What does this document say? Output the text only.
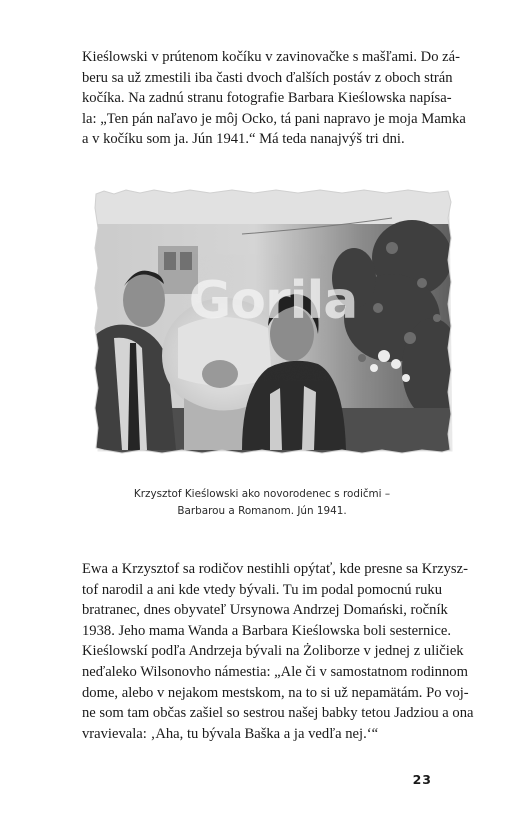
Kieślowski v prútenom kočíku v zavinovačke s mašľami. Do zá-
beru sa už zmestili iba časti dvoch ďalších postáv z oboch strán
kočíka. Na zadnú stranu fotografie Barbara Kieślowska napísa-
la: „Ten pán naľavo je môj Ocko, tá pani napravo je moja Mamka
a v kočíku som ja. Jún 1941.“ Má teda nanajvýš tri dni.

Gorila
Krzysztof Kieślowski ako novorodenec s rodičmi –
Barbarou a Romanom. Jún 1941.

Ewa a Krzysztof sa rodičov nestihli opýtať, kde presne sa Krzysz-
tof narodil a ani kde vtedy bývali. Tu im podal pomocnú ruku
bratranec, dnes obyvateľ Ursynowa Andrzej Domański, ročník
1938. Jeho mama Wanda a Barbara Kieślowska boli sesternice.
Kieślowskí podľa Andrzeja bývali na Żoliborze v jednej z uličiek
neďaleko Wilsonovho námestia: „Ale či v samostatnom rodinnom
dome, alebo v nejakom mestskom, na to si už nepamätám. Po voj-
ne som tam občas zašiel so sestrou našej babky tetou Jadziou a ona
vravievala: ‚Aha, tu bývala Baška a ja vedľa nej.‘“

23
